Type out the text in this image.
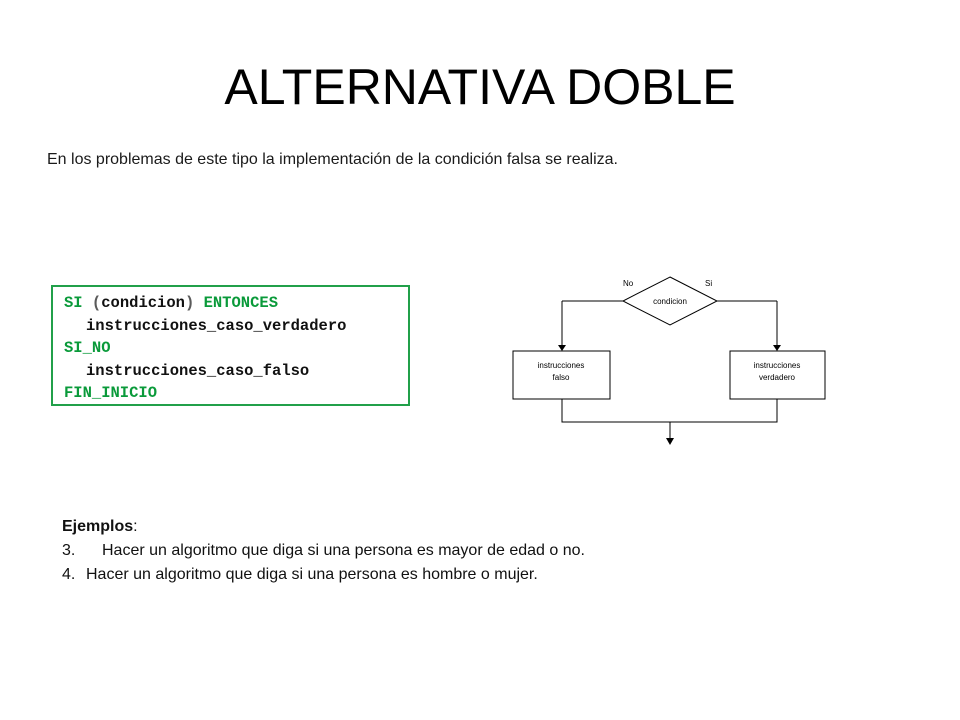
ALTERNATIVA DOBLE
En los problemas de este tipo la implementación de la condición falsa se realiza.
SI (condicion) ENTONCES
instrucciones_caso_verdadero
SI_NO
instrucciones_caso_falso
FIN_INICIO
condicion
No	Si
instrucciones
falso
instrucciones
verdadero
Ejemplos:
3. Hacer un algoritmo que diga si una persona es mayor de edad o no.
4. Hacer un algoritmo que diga si una persona es hombre o mujer.
